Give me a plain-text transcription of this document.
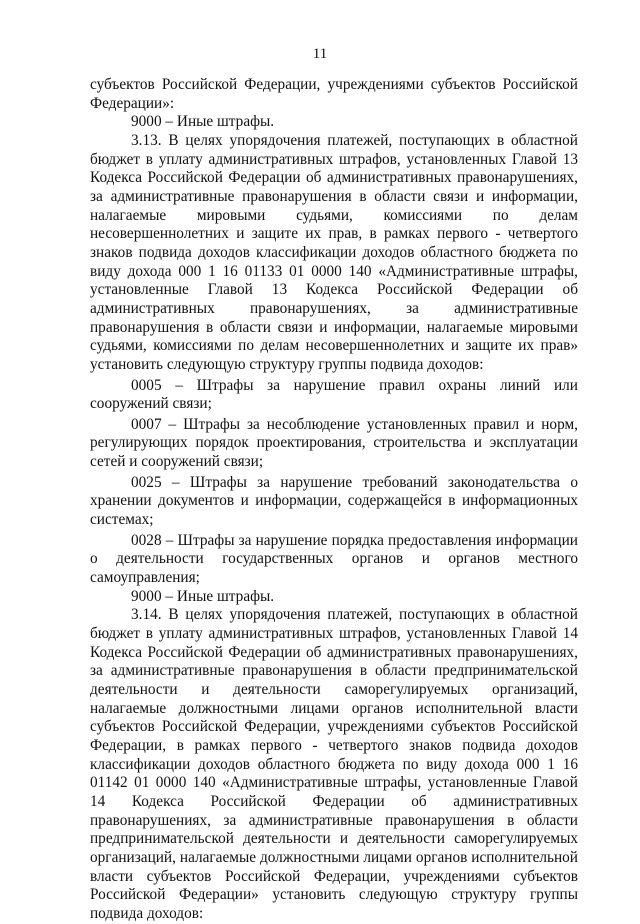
11

субъектов Российской Федерации, учреждениями субъектов Российской Федерации»:

9000 – Иные штрафы.

3.13. В целях упорядочения платежей, поступающих в областной бюджет в уплату административных штрафов, установленных Главой 13 Кодекса Российской Федерации об административных правонарушениях, за административные правонарушения в области связи и информации, налагаемые мировыми судьями, комиссиями по делам несовершеннолетних и защите их прав, в рамках первого - четвертого знаков подвида доходов классификации доходов областного бюджета по виду дохода 000 1 16 01133 01 0000 140 «Административные штрафы, установленные Главой 13 Кодекса Российской Федерации об административных правонарушениях, за административные правонарушения в области связи и информации, налагаемые мировыми судьями, комиссиями по делам несовершеннолетних и защите их прав» установить следующую структуру группы подвида доходов:

0005 – Штрафы за нарушение правил охраны линий или сооружений связи;

0007 – Штрафы за несоблюдение установленных правил и норм, регулирующих порядок проектирования, строительства и эксплуатации сетей и сооружений связи;

0025 – Штрафы за нарушение требований законодательства о хранении документов и информации, содержащейся в информационных системах;

0028 – Штрафы за нарушение порядка предоставления информации о деятельности государственных органов и органов местного самоуправления;

9000 – Иные штрафы.

3.14. В целях упорядочения платежей, поступающих в областной бюджет в уплату административных штрафов, установленных Главой 14 Кодекса Российской Федерации об административных правонарушениях, за административные правонарушения в области предпринимательской деятельности и деятельности саморегулируемых организаций, налагаемые должностными лицами органов исполнительной власти субъектов Российской Федерации, учреждениями субъектов Российской Федерации, в рамках первого - четвертого знаков подвида доходов классификации доходов областного бюджета по виду дохода 000 1 16 01142 01 0000 140 «Административные штрафы, установленные Главой 14 Кодекса Российской Федерации об административных правонарушениях, за административные правонарушения в области предпринимательской деятельности и деятельности саморегулируемых организаций, налагаемые должностными лицами органов исполнительной власти субъектов Российской Федерации, учреждениями субъектов Российской Федерации» установить следующую структуру группы подвида доходов:
